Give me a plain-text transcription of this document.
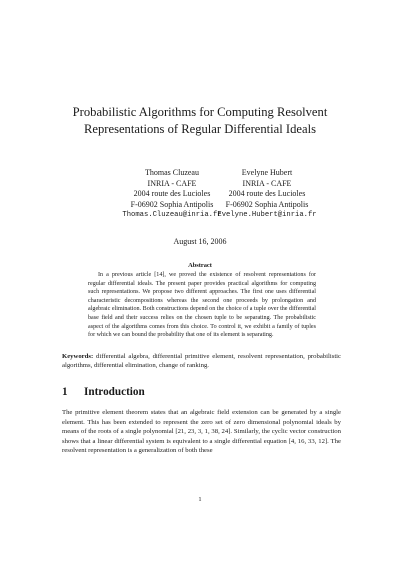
Probabilistic Algorithms for Computing Resolvent Representations of Regular Differential Ideals
Thomas Cluzeau
INRIA - CAFE
2004 route des Lucioles
F-06902 Sophia Antipolis
Thomas.Cluzeau@inria.fr
Evelyne Hubert
INRIA - CAFE
2004 route des Lucioles
F-06902 Sophia Antipolis
Evelyne.Hubert@inria.fr
August 16, 2006
Abstract
In a previous article [14], we proved the existence of resolvent representations for regular differential ideals. The present paper provides practical algorithms for computing such representations. We propose two different approaches. The first one uses differential characteristic decompositions whereas the second one proceeds by prolongation and algebraic elimination. Both constructions depend on the choice of a tuple over the differential base field and their success relies on the chosen tuple to be separating. The probabilistic aspect of the algorithms comes from this choice. To control it, we exhibit a family of tuples for which we can bound the probability that one of its element is separating.
Keywords: differential algebra, differential primitive element, resolvent representation, probabilistic algorithms, differential elimination, change of ranking.
1 Introduction
The primitive element theorem states that an algebraic field extension can be generated by a single element. This has been extended to represent the zero set of zero dimensional polynomial ideals by means of the roots of a single polynomial [21, 23, 3, 1, 38, 24]. Similarly, the cyclic vector construction shows that a linear differential system is equivalent to a single differential equation [4, 16, 33, 12]. The resolvent representation is a generalization of both these
1
